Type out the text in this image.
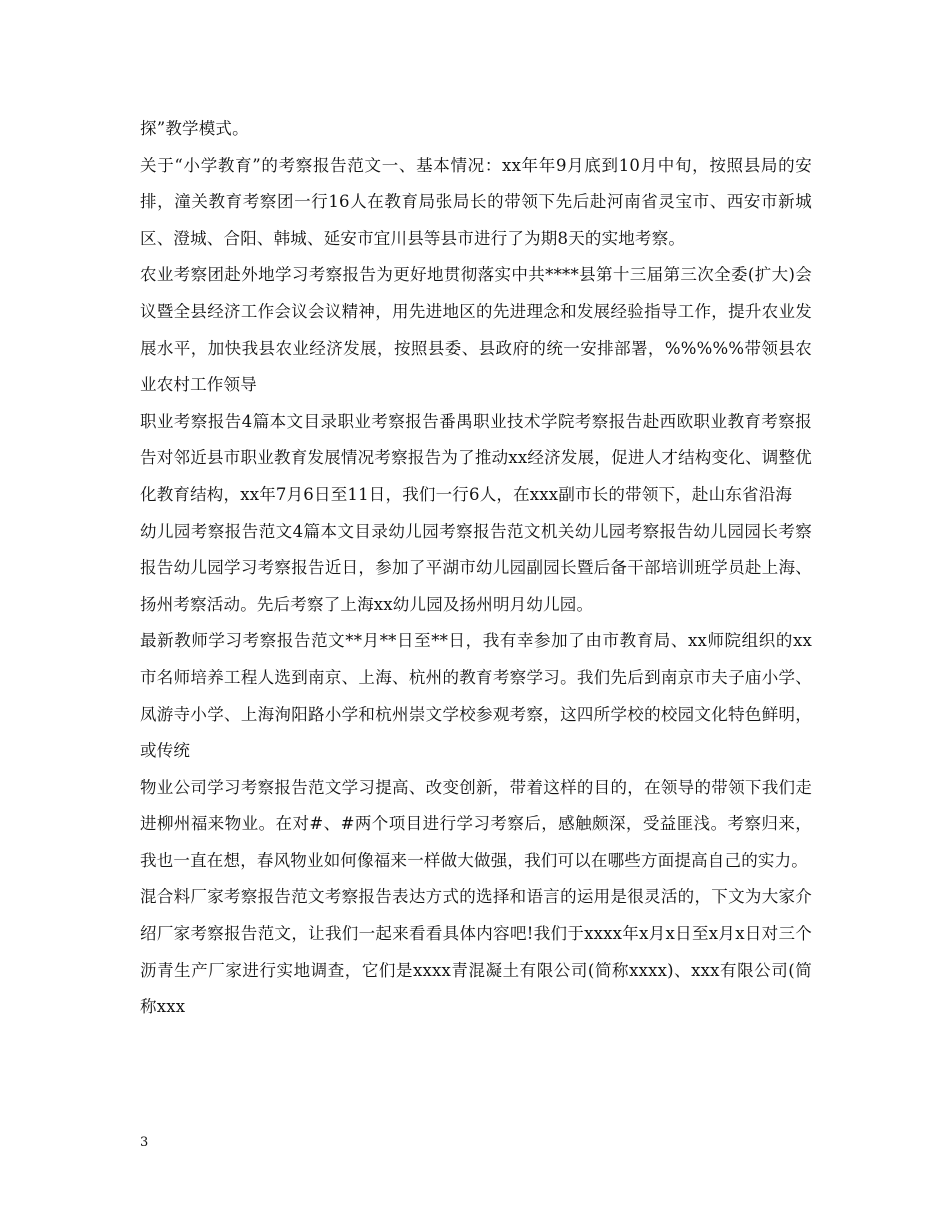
探”教学模式。

关于“小学教育”的考察报告范文一、基本情况：xx年年9月底到10月中旬，按照县局的安排，潼关教育考察团一行16人在教育局张局长的带领下先后赴河南省灵宝市、西安市新城区、澄城、合阳、韩城、延安市宜川县等县市进行了为期8天的实地考察。

农业考察团赴外地学习考察报告为更好地贯彻落实中共****县第十三届第三次全委(扩大)会议暨全县经济工作会议会议精神，用先进地区的先进理念和发展经验指导工作，提升农业发展水平，加快我县农业经济发展，按照县委、县政府的统一安排部署，%%%%%带领县农业农村工作领导

职业考察报告4篇本文目录职业考察报告番禺职业技术学院考察报告赴西欧职业教育考察报告对邻近县市职业教育发展情况考察报告为了推动xx经济发展，促进人才结构变化、调整优化教育结构，xx年7月6日至11日，我们一行6人，在xxx副市长的带领下，赴山东省沿海

幼儿园考察报告范文4篇本文目录幼儿园考察报告范文机关幼儿园考察报告幼儿园园长考察报告幼儿园学习考察报告近日，参加了平湖市幼儿园副园长暨后备干部培训班学员赴上海、扬州考察活动。先后考察了上海xx幼儿园及扬州明月幼儿园。

最新教师学习考察报告范文**月**日至**日，我有幸参加了由市教育局、xx师院组织的xx市名师培养工程人选到南京、上海、杭州的教育考察学习。我们先后到南京市夫子庙小学、凤游寺小学、上海洵阳路小学和杭州崇文学校参观考察，这四所学校的校园文化特色鲜明，或传统

物业公司学习考察报告范文学习提高、改变创新，带着这样的目的，在领导的带领下我们走进柳州福来物业。在对#、#两个项目进行学习考察后，感触颇深，受益匪浅。考察归来，我也一直在想，春风物业如何像福来一样做大做强，我们可以在哪些方面提高自己的实力。

混合料厂家考察报告范文考察报告表达方式的选择和语言的运用是很灵活的，下文为大家介绍厂家考察报告范文，让我们一起来看看具体内容吧!我们于xxxx年x月x日至x月x日对三个沥青生产厂家进行实地调查，它们是xxxx青混凝土有限公司(简称xxxx)、xxx有限公司(简称xxx

3
